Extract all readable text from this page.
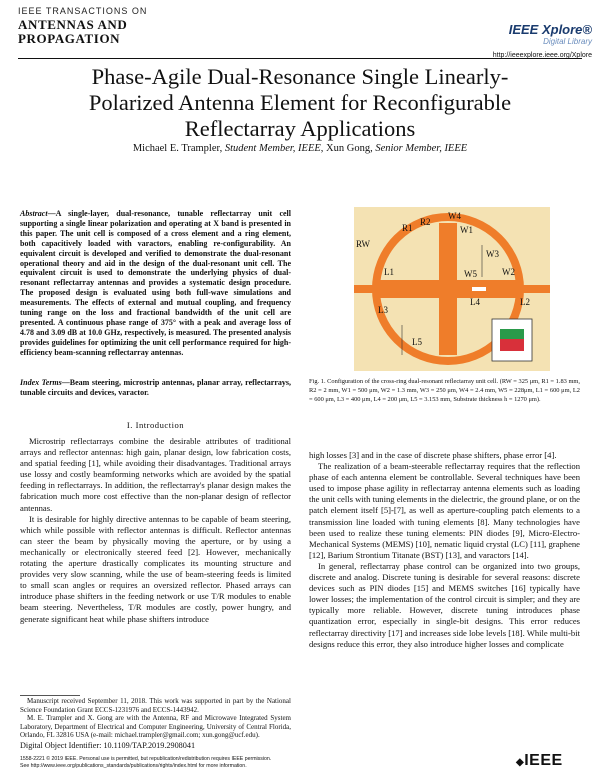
IEEE TRANSACTIONS ON
ANTENNAS AND
PROPAGATION
IEEE Xplore®
Digital Library
http://ieeexplore.ieee.org/Xplore
Phase-Agile Dual-Resonance Single Linearly-
Polarized Antenna Element for Reconfigurable
Reflectarray Applications
Michael E. Trampler, Student Member, IEEE, Xun Gong, Senior Member, IEEE
Abstract—A single-layer, dual-resonance, tunable reflectarray unit cell supporting a single linear polarization and operating at X band is presented in this paper. The unit cell is composed of a cross element and a ring element, both capacitively loaded with varactors, enabling re-configurability. An equivalent circuit is developed and verified to demonstrate the dual-resonant operational theory and aid in the design of the dual-resonant unit cell. The equivalent circuit is used to demonstrate the underlying physics of dual-resonant reflectarray antennas and provides a systematic design procedure. The proposed design is evaluated using both full-wave simulations and measurements. The effects of external and mutual coupling, and frequency tuning range on the loss and fractional bandwidth of the unit cell are presented. A continuous phase range of 375° with a peak and average loss of 4.78 and 3.09 dB at 10.0 GHz, respectively, is measured. The presented analysis provides guidelines for optimizing the unit cell performance required for high-efficiency beam-scanning reflectarray antennas.
Index Terms—Beam steering, microstrip antennas, planar array, reflectarrays, tunable circuits and devices, varactor.
I. Introduction

Microstrip reflectarrays combine the desirable attributes of traditional arrays and reflector antennas: high gain, planar design, low fabrication costs, and spatial feeding [1], while avoiding their disadvantages. Traditional arrays use lossy and costly beamforming networks which are avoided by the spatial feeding in reflectarrays. In addition, the reflectarray's planar design makes the fabrication much more cost effective than the non-planar design of reflector antennas.

It is desirable for highly directive antennas to be capable of beam steering, which while possible with reflector antennas is difficult. Reflector antennas can steer the beam by physically moving the aperture, or by using a mechanically or electronically steered feed [2]. However, mechanically rotating the aperture drastically complicates its mounting structure and provides very slow scanning, while the use of beam-steering feeds is limited to small scan angles or requires an oversized reflector. Phased arrays can introduce phase shifters in the feeding network or use T/R modules to enable beam steering. Nevertheless, T/R modules are costly, power hungry, and generate significant heat while phase shifters introduce

Manuscript received September 11, 2018. This work was supported in part by the National Science Foundation Grant ECCS-1231976 and ECCS-1443942.

M. E. Trampler and X. Gong are with the Antenna, RF and Microwave Integrated System Laboratory, Department of Electrical and Computer Engineering, University of Central Florida, Orlando, FL 32816 USA (e-mail: michael.trampler@gmail.com; xun.gong@ucf.edu).

Digital Object Identifier: 10.1109/TAP.2019.2908041
R1
R2
RW
W1
W2
W3
W4
W5
L1
L2
L3
L4
L5
Fig. 1. Configuration of the cross-ring dual-resonant reflectarray unit cell. (RW = 325 μm, R1 = 1.83 mm, R2 = 2 mm, W1 = 500 μm, W2 = 1.3 mm, W3 = 250 μm, W4 = 2.4 mm, W5 = 228μm, L1 = 600 μm, L2 = 600 μm, L3 = 400 μm, L4 = 200 μm, L5 = 3.153 mm, Substrate thickness h = 1270 μm).

high losses [3] and in the case of discrete phase shifters, phase error [4].

The realization of a beam-steerable reflectarray requires that the reflection phase of each antenna element be controllable. Several techniques have been used to impose phase agility in reflectarray antenna elements such as loading the unit cells with tuning elements in the dielectric, the ground plane, or on the patch element itself [5]-[7], as well as aperture-coupling patch elements to a transmission line loaded with tuning elements [8]. Many technologies have been used to realize these tuning elements: PIN diodes [9], Micro-Electro-Mechanical Systems (MEMS) [10], nematic liquid crystal (LC) [11], graphene [12], Barium Strontium Titanate (BST) [13], and varactors [14].

In general, reflectarray phase control can be organized into two groups, discrete and analog. Discrete tuning is desirable for several reasons: discrete devices such as PIN diodes [15] and MEMS switches [16] typically have lower losses; the implementation of the control circuit is simpler; and they are typically more reliable. However, discrete tuning introduces phase quantization error, especially in single-bit designs. This error reduces reflectarray directivity [17] and increases side lobe levels [18]. While multi-bit designs reduce this error, they also introduce higher losses and complicate

1558-2221 © 2019 IEEE. Personal use is permitted, but republication/redistribution requires IEEE permission.
See http://www.ieee.org/publications_standards/publications/rights/index.html for more information.	◆IEEE
